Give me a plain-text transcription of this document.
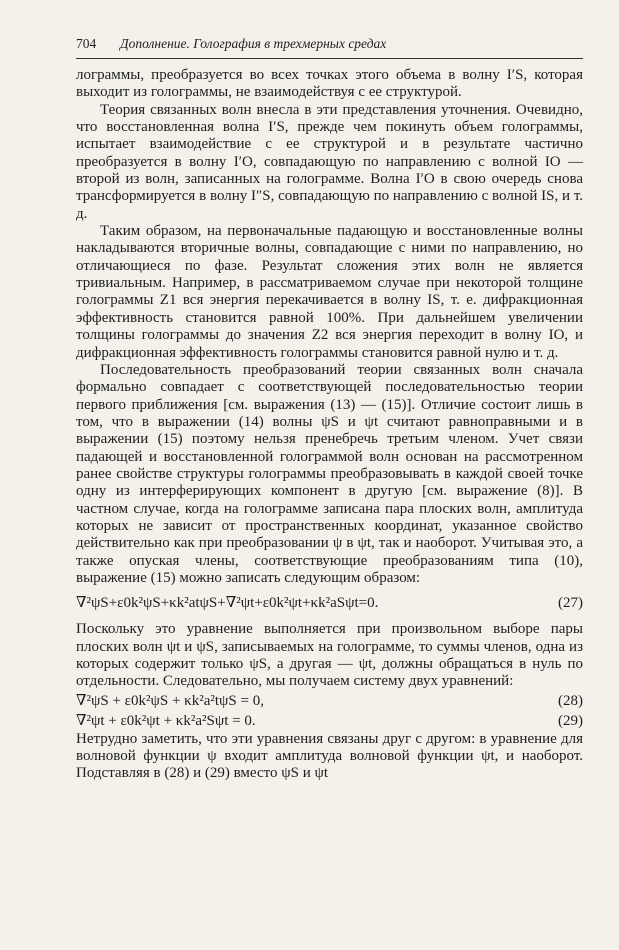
704	Дополнение. Голография в трехмерных средах

лограммы, преобразуется во всех точках этого объема в волну I′S, которая выходит из голограммы, не взаимодействуя с ее структурой.

Теория связанных волн внесла в эти представления уточнения. Очевидно, что восстановленная волна I′S, прежде чем покинуть объем голограммы, испытает взаимодействие с ее структурой и в результате частично преобразуется в волну I′O, совпадающую по направлению с волной IO — второй из волн, записанных на голограмме. Волна I′O в свою очередь снова трансформируется в волну I″S, совпадающую по направлению с волной IS, и т. д.

Таким образом, на первоначальные падающую и восстановленные волны накладываются вторичные волны, совпадающие с ними по направлению, но отличающиеся по фазе. Результат сложения этих волн не является тривиальным. Например, в рассматриваемом случае при некоторой толщине голограммы Z1 вся энергия перекачивается в волну IS, т. е. дифракционная эффективность становится равной 100%. При дальнейшем увеличении толщины голограммы до значения Z2 вся энергия переходит в волну IO, и дифракционная эффективность голограммы становится равной нулю и т. д.

Последовательность преобразований теории связанных волн сначала формально совпадает с соответствующей последовательностью теории первого приближения [см. выражения (13) — (15)]. Отличие состоит лишь в том, что в выражении (14) волны ψS и ψt считают равноправными и в выражении (15) поэтому нельзя пренебречь третьим членом. Учет связи падающей и восстановленной голограммой волн основан на рассмотренном ранее свойстве структуры голограммы преобразовывать в каждой своей точке одну из интерферирующих компонент в другую [см. выражение (8)]. В частном случае, когда на голограмме записана пара плоских волн, амплитуда которых не зависит от пространственных координат, указанное свойство действительно как при преобразовании ψ в ψt, так и наоборот. Учитывая это, а также опуская члены, соответствующие преобразованиям типа (10), выражение (15) можно записать следующим образом:

∇²ψS+ε0k²ψS+κk²atψS+∇²ψt+ε0k²ψt+κk²aSψt=0.	(27)

Поскольку это уравнение выполняется при произвольном выборе пары плоских волн ψt и ψS, записываемых на голограмме, то суммы членов, одна из которых содержит только ψS, а другая — ψt, должны обращаться в нуль по отдельности. Следовательно, мы получаем систему двух уравнений:

∇²ψS + ε0k²ψS + κk²a²tψS = 0,	(28)
∇²ψt + ε0k²ψt + κk²a²Sψt = 0.	(29)

Нетрудно заметить, что эти уравнения связаны друг с другом: в уравнение для волновой функции ψ входит амплитуда волновой функции ψt, и наоборот. Подставляя в (28) и (29) вместо ψS и ψt
